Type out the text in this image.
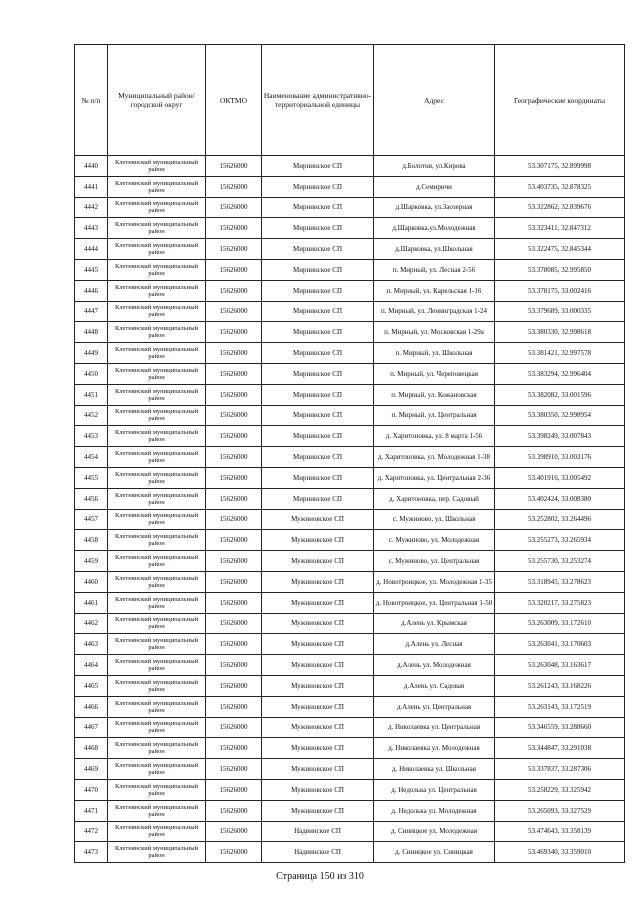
№ п/п	Муниципальный район/городской округ	ОКТМО	Наименование административно-территориальной единицы	Адрес	Географические координаты
4440	Клетнянский муниципальный район	15626000	Мирнинское СП	д.Болотня, ул.Кирова	53.307175, 32.899998
4441	Клетнянский муниципальный район	15626000	Мирнинское СП	д.Семиричи	53.403735, 32.878325
4442	Клетнянский муниципальный район	15626000	Мирнинское СП	д.Шарковка, ул.Заозерная	53.322862, 32.839676
4443	Клетнянский муниципальный район	15626000	Мирнинское СП	д.Шарковка,ул.Молодежная	53.323411, 32.847312
4444	Клетнянский муниципальный район	15626000	Мирнинское СП	д.Шарковка, ул.Школьная	53.322475, 32.845344
4445	Клетнянский муниципальный район	15626000	Мирнинское СП	п. Мирный, ул. Лесная 2-56	53.378085, 32.995850
4446	Клетнянский муниципальный район	15626000	Мирнинское СП	п. Мирный, ул. Карельская 1-16	53.378175, 33.002416
4447	Клетнянский муниципальный район	15626000	Мирнинское СП	п. Мирный, ул. Ленинградская 1-24	53.379689, 33.000335
4448	Клетнянский муниципальный район	15626000	Мирнинское СП	п. Мирный, ул. Московская 1-29а	53.380330, 32.998618
4449	Клетнянский муниципальный район	15626000	Мирнинское СП	п. Мирный, ул. Школьная	53.381421, 32.997578
4450	Клетнянский муниципальный район	15626000	Мирнинское СП	п. Мирный, ул. Череповецкая	53.383294, 32.996404
4451	Клетнянский муниципальный район	15626000	Мирнинское СП	п. Мирный, ул. Кожановская	53.382082, 33.001596
4452	Клетнянский муниципальный район	15626000	Мирнинское СП	п. Мирный, ул. Центральная	53.380350, 32.998954
4453	Клетнянский муниципальный район	15626000	Мирнинское СП	д. Харитоновка, ул. 8 марта 1-56	53.398249, 33.007843
4454	Клетнянский муниципальный район	15626000	Мирнинское СП	д. Харитоновка, ул. Молодежная 1-38	53.398910, 33.003176
4455	Клетнянский муниципальный район	15626000	Мирнинское СП	д. Харитоновка, ул. Центральная 2-36	53.401916, 33.005492
4456	Клетнянский муниципальный район	15626000	Мирнинское СП	д. Харитоновка, пер. Садовый	53.402424, 33.008380
4457	Клетнянский муниципальный район	15626000	Мужиновское СП	с. Мужиново, ул. Школьная	53.252802, 33.264496
4458	Клетнянский муниципальный район	15626000	Мужиновское СП	с. Мужиново, ул. Молодежная	53.255273, 33.265934
4459	Клетнянский муниципальный район	15626000	Мужиновское СП	с. Мужиново, ул. Центральная	53.255730, 33.253274
4460	Клетнянский муниципальный район	15626000	Мужиновское СП	д. Новотроицкое, ул. Молодежная 1-35	53.318945, 33.278623
4461	Клетнянский муниципальный район	15626000	Мужиновское СП	д. Новотроицкое, ул. Центральная 1-50	53.320217, 33.275823
4462	Клетнянский муниципальный район	15626000	Мужиновское СП	д.Алень ул. Крымская	53.263009, 33.172610
4463	Клетнянский муниципальный район	15626000	Мужиновское СП	д.Алень ул. Лесная	53.263041, 33.170603
4464	Клетнянский муниципальный район	15626000	Мужиновское СП	д.Алень ул. Молодежная	53.263048, 33.163617
4465	Клетнянский муниципальный район	15626000	Мужиновское СП	д.Алень ул. Садовая	53.261243, 33.168226
4466	Клетнянский муниципальный район	15626000	Мужиновское СП	д.Алень ул. Центральная	53.263143, 33.172519
4467	Клетнянский муниципальный район	15626000	Мужиновское СП	д. Николаевка ул. Центральная	53.346559, 33.288660
4468	Клетнянский муниципальный район	15626000	Мужиновское СП	д. Николаевка ул. Молодежная	53.344847, 33.291038
4469	Клетнянский муниципальный район	15626000	Мужиновское СП	д. Николаевка ул. Школьная	53.337837, 33.287306
4470	Клетнянский муниципальный район	15626000	Мужиновское СП	д. Недолька ул. Центральная	53.258229, 33.325942
4471	Клетнянский муниципальный район	15626000	Мужиновское СП	д. Недолька ул. Молодежная	53.265093, 33.327529
4472	Клетнянский муниципальный район	15626000	Надвинское СП	д. Синицкое ул. Молодежная	53.474643, 33.358139
4473	Клетнянский муниципальный район	15626000	Надвинское СП	д. Синицкое ул. Синицкая	53.469340, 33.359010
Страница 150 из 310
